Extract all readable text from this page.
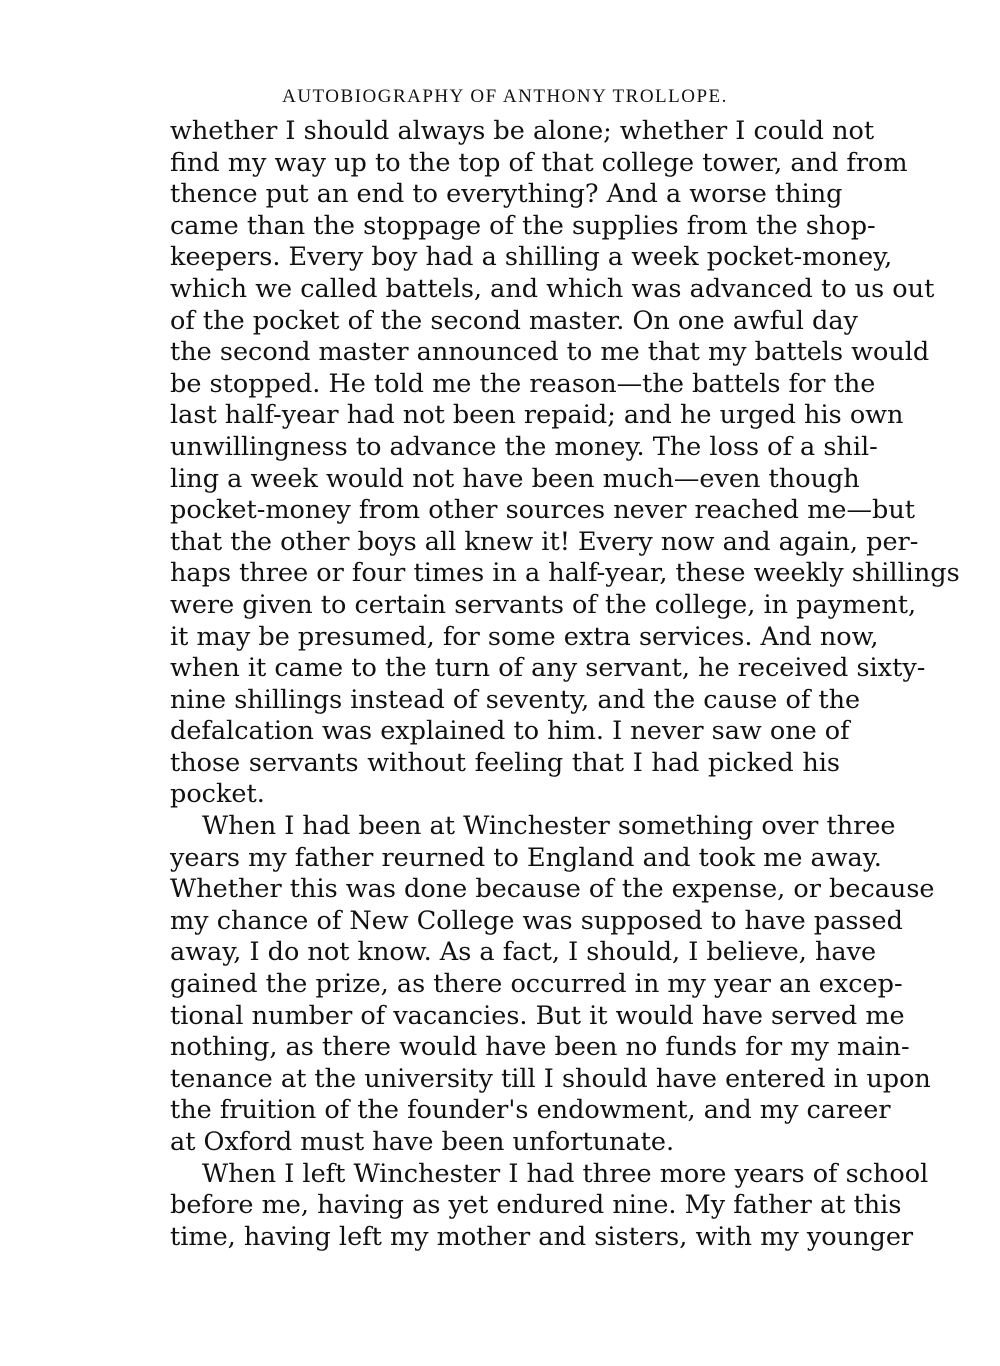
AUTOBIOGRAPHY OF ANTHONY TROLLOPE.
whether I should always be alone; whether I could not
find my way up to the top of that college tower, and from
thence put an end to everything? And a worse thing
came than the stoppage of the supplies from the shop-
keepers. Every boy had a shilling a week pocket-money,
which we called battels, and which was advanced to us out
of the pocket of the second master. On one awful day
the second master announced to me that my battels would
be stopped. He told me the reason—the battels for the
last half-year had not been repaid; and he urged his own
unwillingness to advance the money. The loss of a shil-
ling a week would not have been much—even though
pocket-money from other sources never reached me—but
that the other boys all knew it! Every now and again, per-
haps three or four times in a half-year, these weekly shillings
were given to certain servants of the college, in payment,
it may be presumed, for some extra services. And now,
when it came to the turn of any servant, he received sixty-
nine shillings instead of seventy, and the cause of the
defalcation was explained to him. I never saw one of
those servants without feeling that I had picked his
pocket.
When I had been at Winchester something over three
years my father reurned to England and took me away.
Whether this was done because of the expense, or because
my chance of New College was supposed to have passed
away, I do not know. As a fact, I should, I believe, have
gained the prize, as there occurred in my year an excep-
tional number of vacancies. But it would have served me
nothing, as there would have been no funds for my main-
tenance at the university till I should have entered in upon
the fruition of the founder's endowment, and my career
at Oxford must have been unfortunate.
When I left Winchester I had three more years of school
before me, having as yet endured nine. My father at this
time, having left my mother and sisters, with my younger
